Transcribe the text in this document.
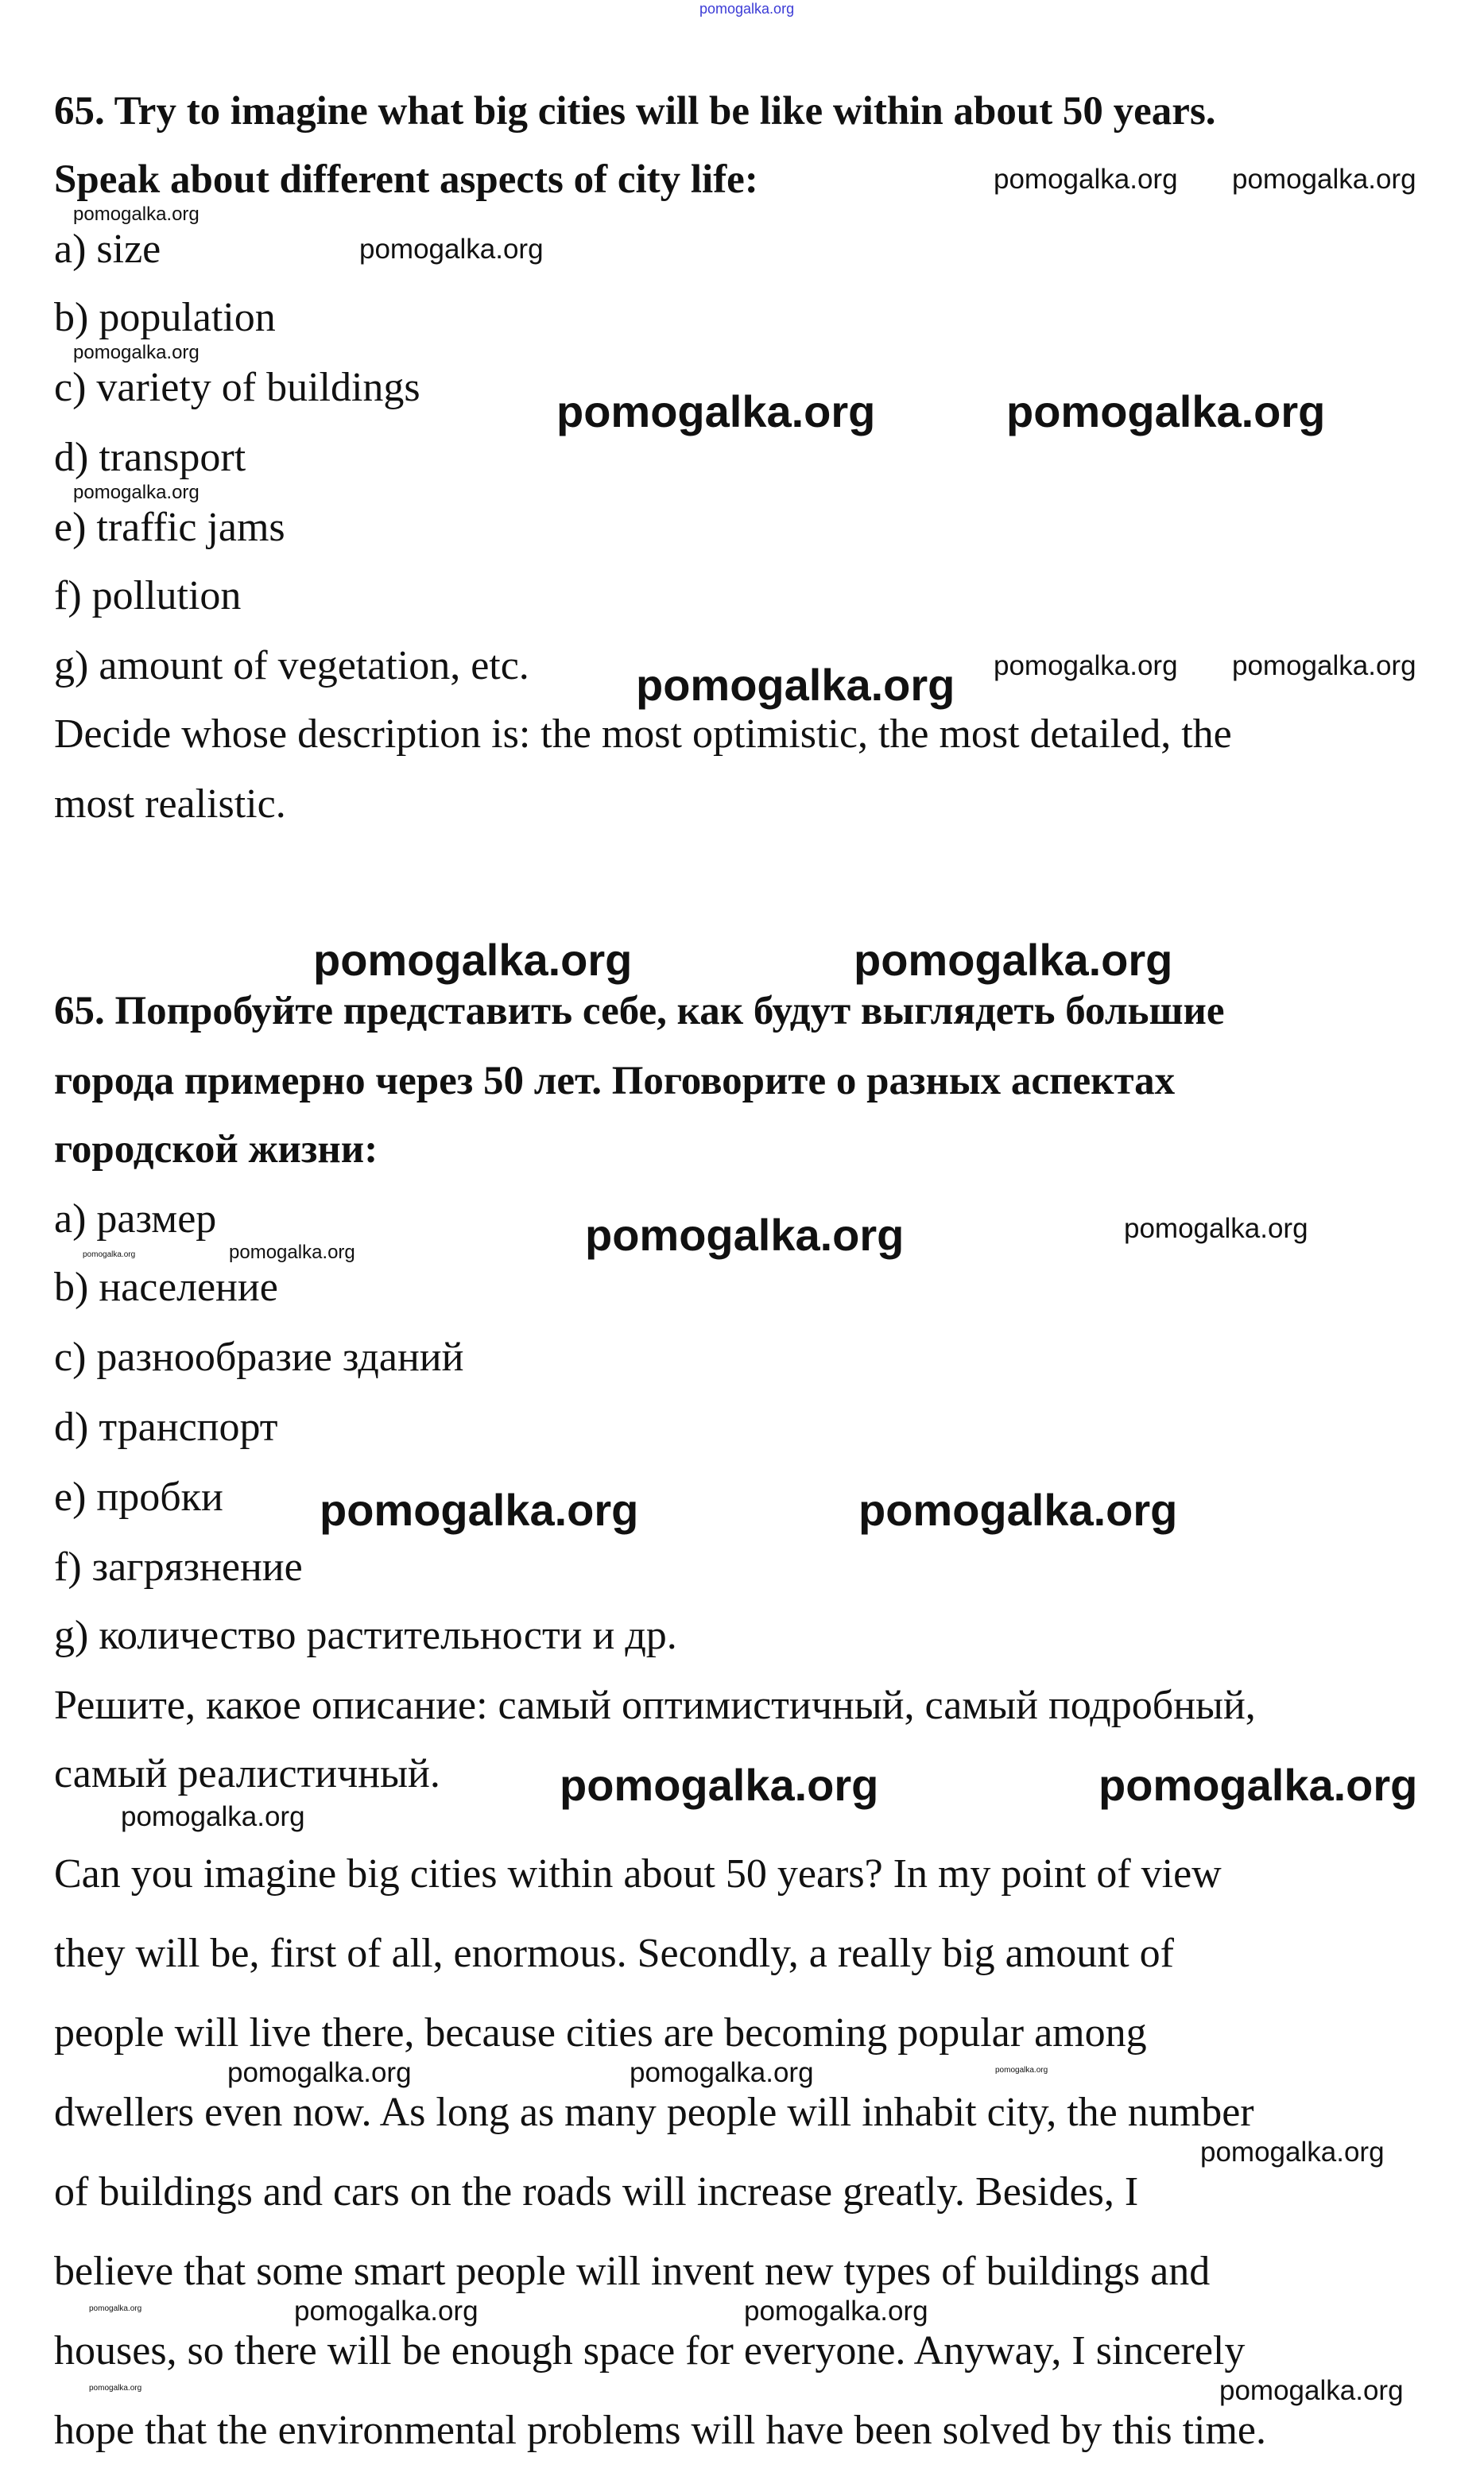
65. Try to imagine what big cities will be like within about 50 years.
Speak about different aspects of city life:
a) size
b) population
c) variety of buildings
d) transport
e) traffic jams
f) pollution
g) amount of vegetation, etc.
Decide whose description is: the most optimistic, the most detailed, the
most realistic.
65. Попробуйте представить себе, как будут выглядеть большие
города примерно через 50 лет. Поговорите о разных аспектах
городской жизни:
a) размер
b) население
c) разнообразие зданий
d) транспорт
e) пробки
f) загрязнение
g) количество растительности и др.
Решите, какое описание: самый оптимистичный, самый подробный,
самый реалистичный.
Can you imagine big cities within about 50 years? In my point of view
they will be, first of all, enormous. Secondly, a really big amount of
people will live there, because cities are becoming popular among
dwellers even now. As long as many people will inhabit city, the number
of buildings and cars on the roads will increase greatly. Besides, I
believe that some smart people will invent new types of buildings and
houses, so there will be enough space for everyone. Anyway, I sincerely
hope that the environmental problems will have been solved by this time.
pomogalka.org
pomogalka.org	pomogalka.org
pomogalka.org
pomogalka.org	pomogalka.org
pomogalka.org
pomogalka.org	pomogalka.org
pomogalka.org	pomogalka.org
pomogalka.org
pomogalka.org pomogalka.org
pomogalka.org pomogalka.org
pomogalka.org
pomogalka.org
pomogalka.org	pomogalka.org
pomogalka.org
pomogalka.org	pomogalka.org
pomogalka.org
pomogalka.org
pomogalka.org
pomogalka.org
pomogalka.org
pomogalka.org
pomogalka.org
pomogalka.org
pomogalka.org
